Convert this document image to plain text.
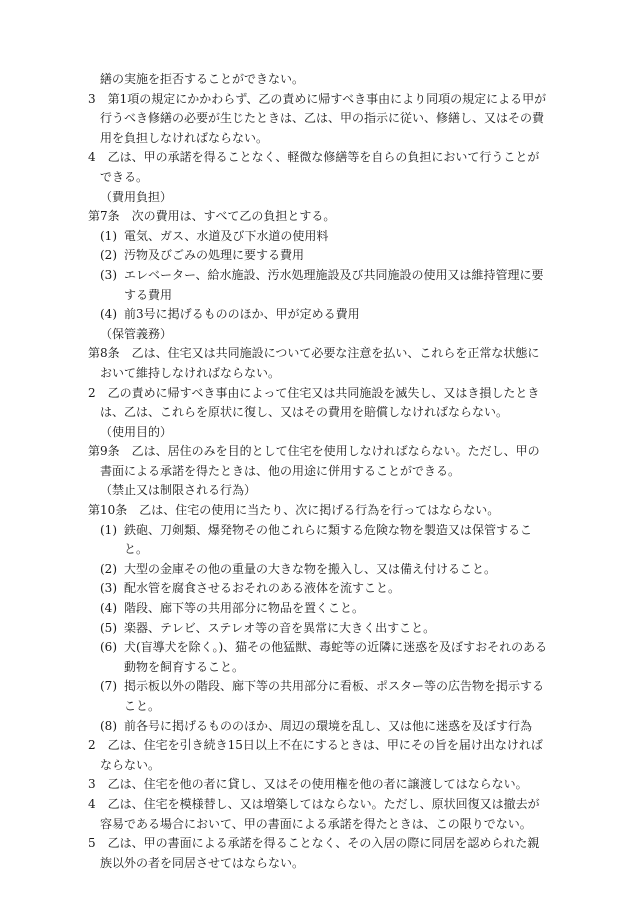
繕の実施を拒否することができない。

3 第1項の規定にかかわらず、乙の責めに帰すべき事由により同項の規定による甲が行うべき修繕の必要が生じたときは、乙は、甲の指示に従い、修繕し、又はその費用を負担しなければならない。

4 乙は、甲の承諾を得ることなく、軽微な修繕等を自らの負担において行うことができる。

（費用負担）

第7条 次の費用は、すべて乙の負担とする。

(1) 電気、ガス、水道及び下水道の使用料

(2) 汚物及びごみの処理に要する費用

(3) エレベーター、給水施設、汚水処理施設及び共同施設の使用又は維持管理に要する費用

(4) 前3号に掲げるもののほか、甲が定める費用

（保管義務）

第8条 乙は、住宅又は共同施設について必要な注意を払い、これらを正常な状態において維持しなければならない。

2 乙の責めに帰すべき事由によって住宅又は共同施設を滅失し、又はき損したときは、乙は、これらを原状に復し、又はその費用を賠償しなければならない。

（使用目的）

第9条 乙は、居住のみを目的として住宅を使用しなければならない。ただし、甲の書面による承諾を得たときは、他の用途に併用することができる。

（禁止又は制限される行為）

第10条 乙は、住宅の使用に当たり、次に掲げる行為を行ってはならない。

(1) 鉄砲、刀剣類、爆発物その他これらに類する危険な物を製造又は保管すること。

(2) 大型の金庫その他の重量の大きな物を搬入し、又は備え付けること。

(3) 配水管を腐食させるおそれのある液体を流すこと。

(4) 階段、廊下等の共用部分に物品を置くこと。

(5) 楽器、テレビ、ステレオ等の音を異常に大きく出すこと。

(6) 犬(盲導犬を除く。)、猫その他猛獣、毒蛇等の近隣に迷惑を及ぼすおそれのある動物を飼育すること。

(7) 掲示板以外の階段、廊下等の共用部分に看板、ポスター等の広告物を掲示すること。

(8) 前各号に掲げるもののほか、周辺の環境を乱し、又は他に迷惑を及ぼす行為

2 乙は、住宅を引き続き15日以上不在にするときは、甲にその旨を届け出なければならない。

3 乙は、住宅を他の者に貸し、又はその使用権を他の者に譲渡してはならない。

4 乙は、住宅を模様替し、又は増築してはならない。ただし、原状回復又は撤去が容易である場合において、甲の書面による承諾を得たときは、この限りでない。

5 乙は、甲の書面による承諾を得ることなく、その入居の際に同居を認められた親族以外の者を同居させてはならない。
